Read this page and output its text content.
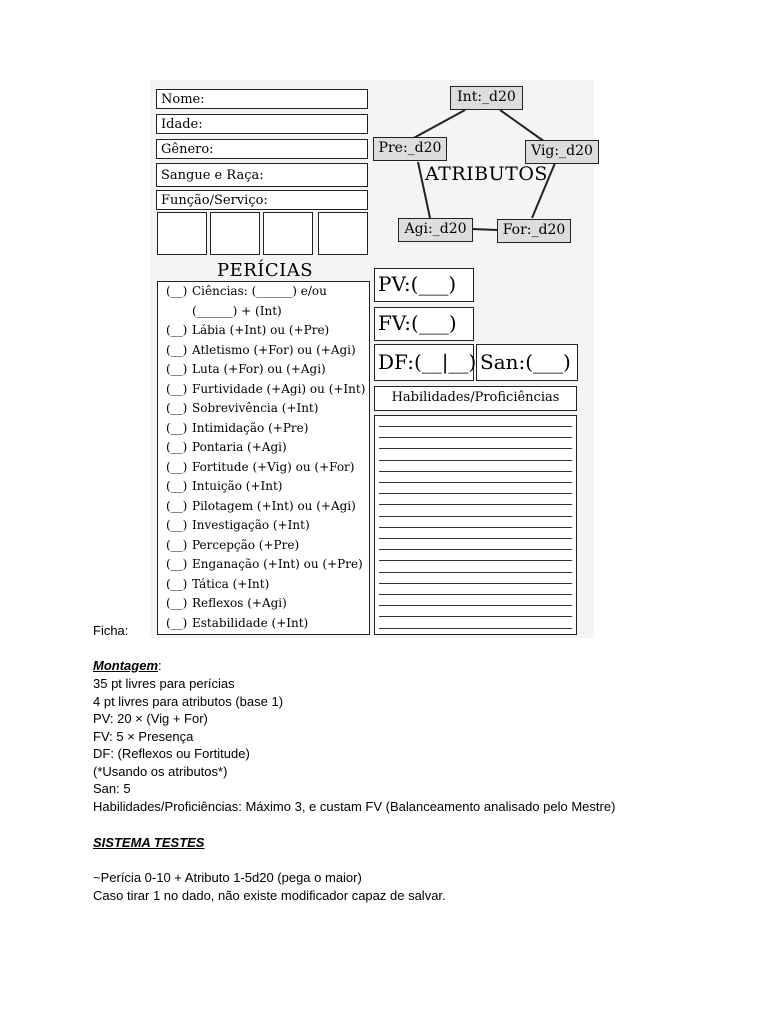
Nome:
Idade:
Gênero:
Sangue e Raça:
Função/Serviço:
Int:_d20
Pre:_d20	Vig:_d20
Agi:_d20	For:_d20
ATRIBUTOS
PERÍCIAS
(__) Ciências: (______) e/ou
(______) + (Int)
(__) Lábia (+Int) ou (+Pre)
(__) Atletismo (+For) ou (+Agi)
(__) Luta (+For) ou (+Agi)
(__) Furtividade (+Agi) ou (+Int)
(__) Sobrevivência (+Int)
(__) Intimidação (+Pre)
(__) Pontaria (+Agi)
(__) Fortitude (+Vig) ou (+For)
(__) Intuição (+Int)
(__) Pilotagem (+Int) ou (+Agi)
(__) Investigação (+Int)
(__) Percepção (+Pre)
(__) Enganação (+Int) ou (+Pre)
(__) Tática (+Int)
(__) Reflexos (+Agi)
(__) Estabilidade (+Int)
PV:(___)
FV:(___)
DF:(__|__) San:(___)
Habilidades/Proficiências
Ficha:
Montagem:
35 pt livres para perícias
4 pt livres para atributos (base 1)
PV: 20 × (Vig + For)
FV: 5 × Presença
DF: (Reflexos ou Fortitude)
(*Usando os atributos*)
San: 5
Habilidades/Proficiências: Máximo 3, e custam FV (Balanceamento analisado pelo Mestre)
SISTEMA TESTES
~Perícia 0-10 + Atributo 1-5d20 (pega o maior)
Caso tirar 1 no dado, não existe modificador capaz de salvar.
